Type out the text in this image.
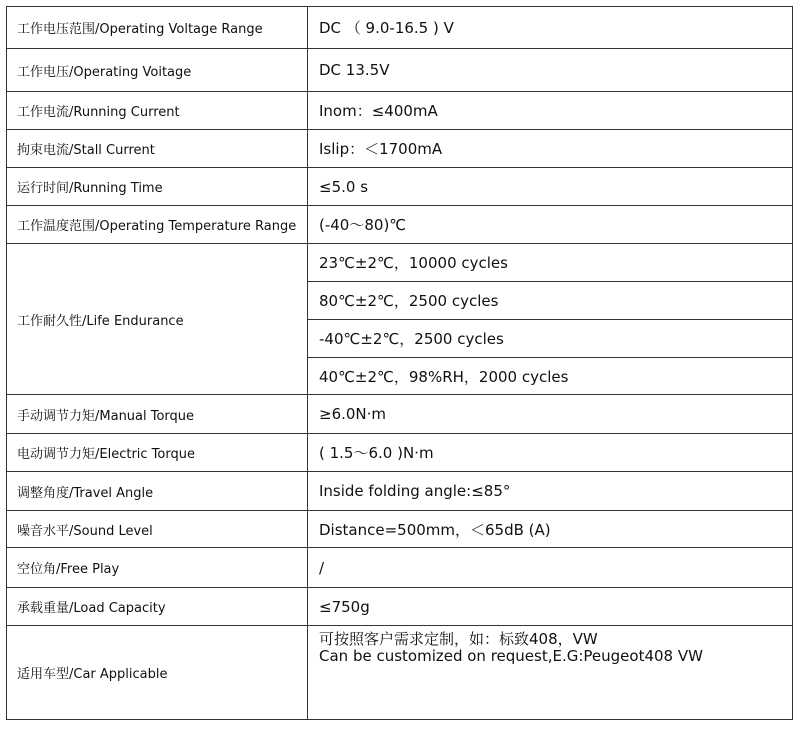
工作电压范围/Operating Voltage Range	DC （ 9.0-16.5 ) V
工作电压/Operating Voitage	DC 13.5V
工作电流/Running Current	Inom：≤400mA
拘束电流/Stall Current	Islip：＜1700mA
运行时间/Running Time	≤5.0 s
工作温度范围/Operating Temperature Range	(-40～80)℃
工作耐久性/Life Endurance	23℃±2℃，10000 cycles
	80℃±2℃，2500 cycles
	-40℃±2℃，2500 cycles
	40℃±2℃，98%RH，2000 cycles
手动调节力矩/Manual Torque	≥6.0N·m
电动调节力矩/Electric Torque	( 1.5～6.0 )N·m
调整角度/Travel Angle	Inside folding angle:≤85°
噪音水平/Sound Level	Distance=500mm，＜65dB (A)
空位角/Free Play	/
承载重量/Load Capacity	≤750g
适用车型/Car Applicable	可按照客户需求定制，如：标致408，VW
Can be customized on request,E.G:Peugeot408 VW
